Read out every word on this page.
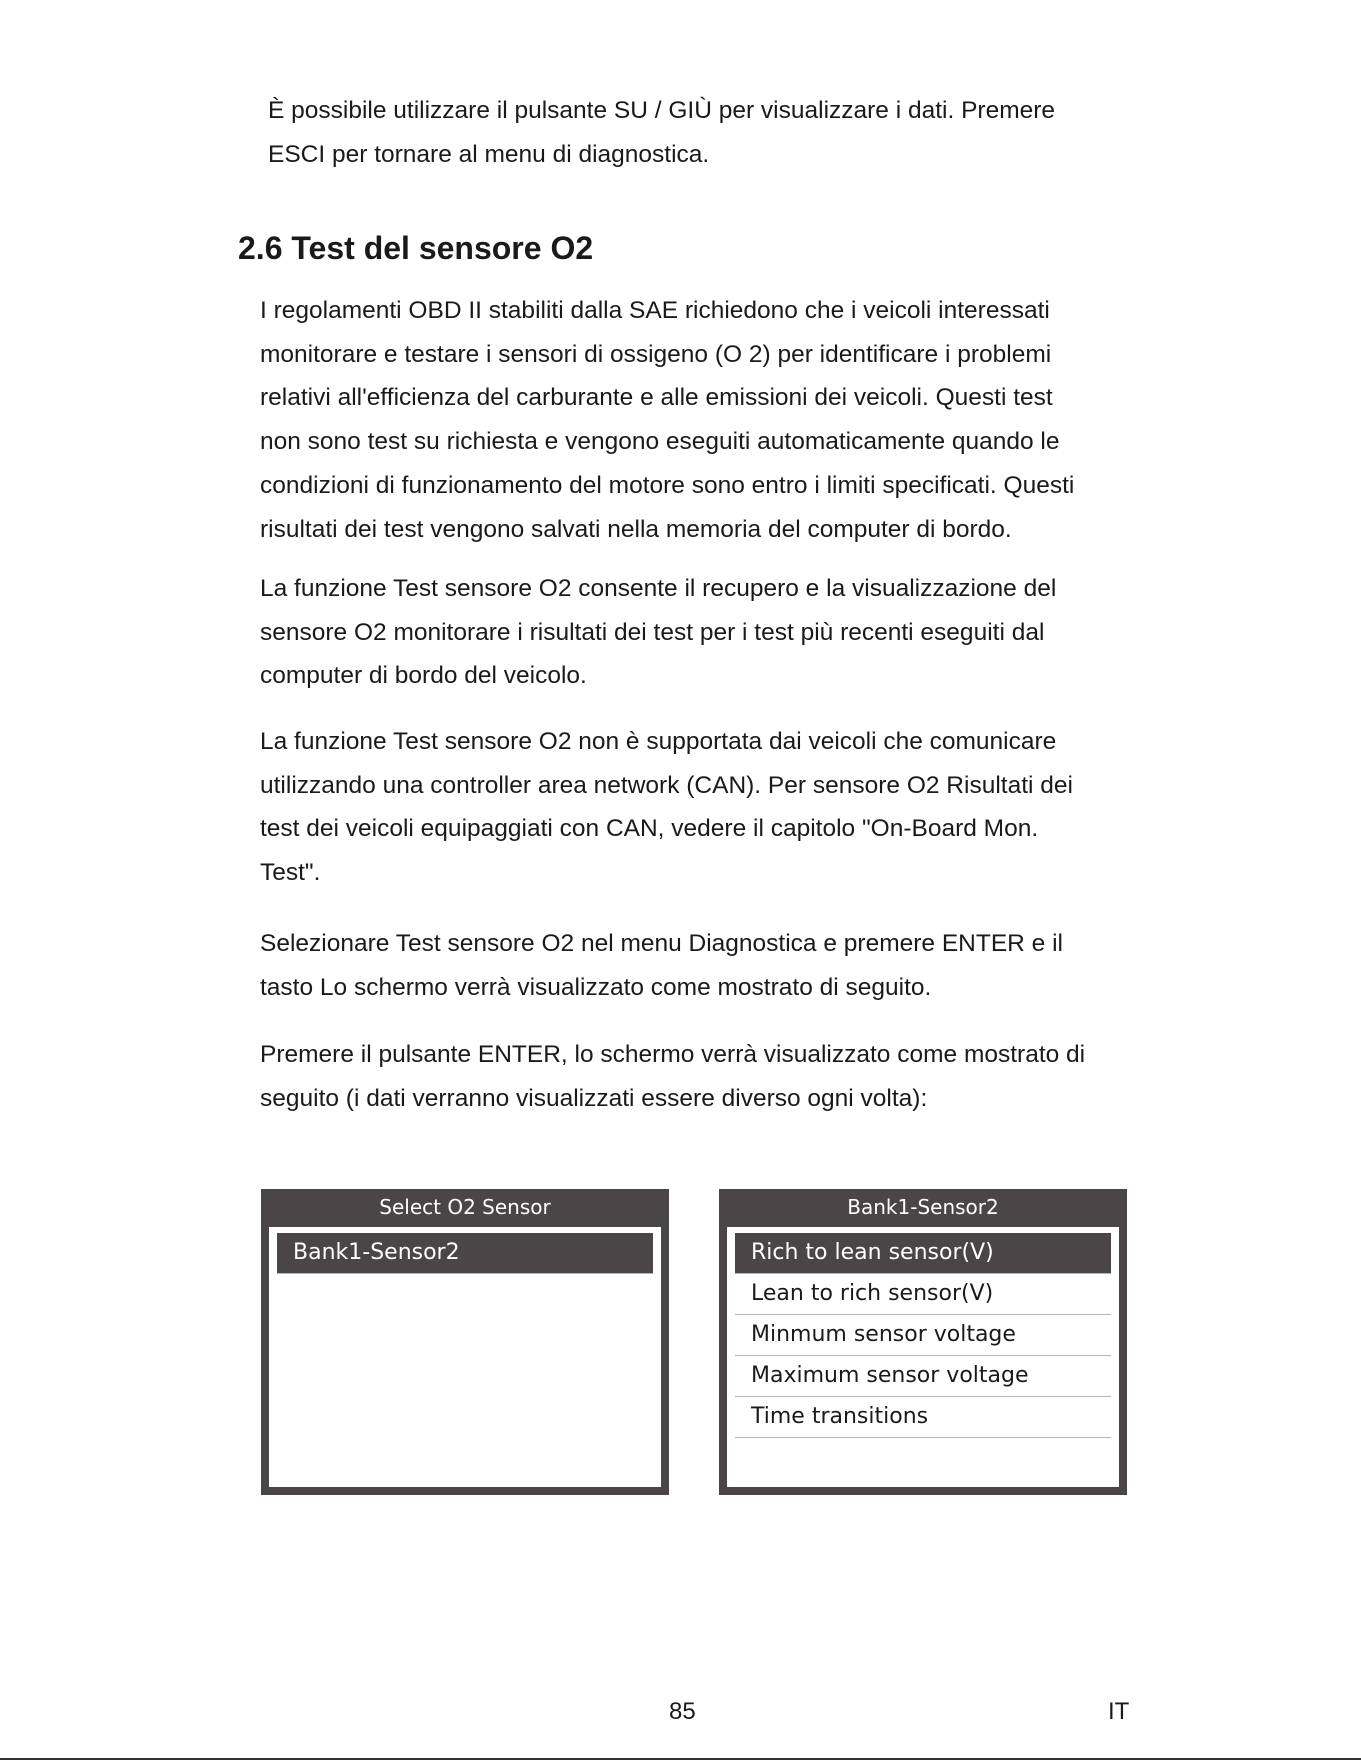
È possibile utilizzare il pulsante SU / GIÙ per visualizzare i dati. Premere
ESCI per tornare al menu di diagnostica.

2.6 Test del sensore O2

I regolamenti OBD II stabiliti dalla SAE richiedono che i veicoli interessati
monitorare e testare i sensori di ossigeno (O 2) per identificare i problemi
relativi all'efficienza del carburante e alle emissioni dei veicoli. Questi test
non sono test su richiesta e vengono eseguiti automaticamente quando le
condizioni di funzionamento del motore sono entro i limiti specificati. Questi
risultati dei test vengono salvati nella memoria del computer di bordo.

La funzione Test sensore O2 consente il recupero e la visualizzazione del
sensore O2 monitorare i risultati dei test per i test più recenti eseguiti dal
computer di bordo del veicolo.

La funzione Test sensore O2 non è supportata dai veicoli che comunicare
utilizzando una controller area network (CAN). Per sensore O2 Risultati dei
test dei veicoli equipaggiati con CAN, vedere il capitolo "On-Board Mon.
Test".

Selezionare Test sensore O2 nel menu Diagnostica e premere ENTER e il
tasto Lo schermo verrà visualizzato come mostrato di seguito.

Premere il pulsante ENTER, lo schermo verrà visualizzato come mostrato di
seguito (i dati verranno visualizzati essere diverso ogni volta):

Select O2 Sensor
Bank1-Sensor2
Bank1-Sensor2
Rich to lean sensor(V)
Lean to rich sensor(V)
Minmum sensor voltage
Maximum sensor voltage
Time transitions
85	IT
